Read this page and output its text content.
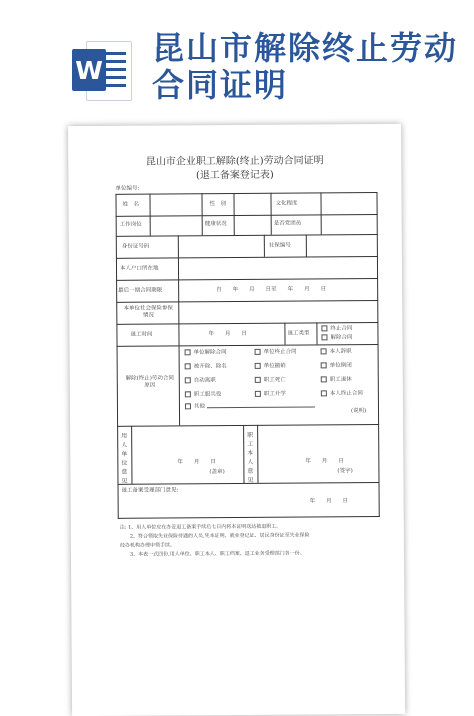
W
昆山市解除终止劳动合同证明
昆山市企业职工解除(终止)劳动合同证明
(退工备案登记表)
单位编号:
姓　名	性　别	文化程度
工作岗位	健康状况	是否党团员
身份证号码	社保编号
本人户口所在地
最后一期合同期限	自　　年　　月　　日至　　年　　月　　日
本单位社会保险参保情况
退工时间	年　　月　　日	退工类型
终止合同
解除合同
解除(终止)劳动合同原因
单位解除合同	单位终止合同	本人辞职
被开除、除名	单位撤销	单位倒闭
自动离职	职工死亡	职工退休
职工服兵役	职工升学	本人终止合同
其他
(说明)
用人单位意见
年　　月　　日
(盖章)
职工本人意见
年　　月　　日
(签字)
退工备案受理部门意见:
年　　月　　日
注: 1、用人单位应在办妥退工备案手续后七日内将本证明送达被退职工。
　　2、符合领取失业保险待遇的人员,凭本证明、就业登记证、居民身份证至失业保险
经办机构办理申领手续。
　　3、本表一式四份,用人单位、职工本人、职工档案、退工业务受理部门各一份。
